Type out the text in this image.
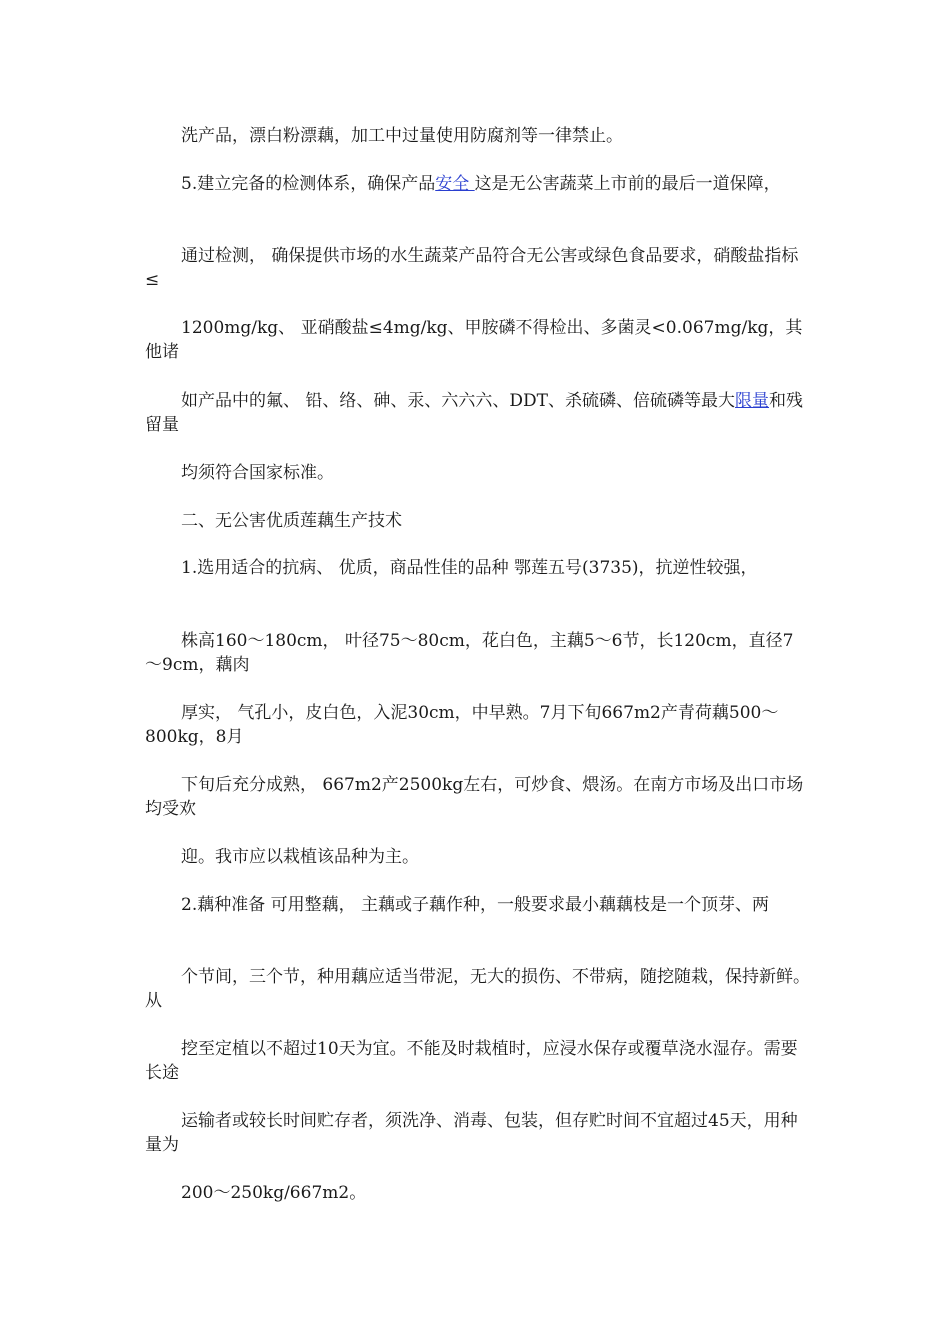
洗产品，漂白粉漂藕，加工中过量使用防腐剂等一律禁止。

5.建立完备的检测体系，确保产品安全 这是无公害蔬菜上市前的最后一道保障，

通过检测， 确保提供市场的水生蔬菜产品符合无公害或绿色食品要求，硝酸盐指标≤

1200mg/kg、 亚硝酸盐≤4mg/kg、甲胺磷不得检出、多菌灵<0.067mg/kg，其他诸

如产品中的氟、 铅、络、砷、汞、六六六、DDT、杀硫磷、倍硫磷等最大限量和残留量

均须符合国家标准。

二、无公害优质莲藕生产技术

1.选用适合的抗病、 优质，商品性佳的品种 鄂莲五号(3735)，抗逆性较强，

株高160～180cm， 叶径75～80cm，花白色，主藕5～6节，长120cm，直径7～9cm，藕肉

厚实， 气孔小，皮白色，入泥30cm，中早熟。7月下旬667m2产青荷藕500～800kg，8月

下旬后充分成熟， 667m2产2500kg左右，可炒食、煨汤。在南方市场及出口市场均受欢

迎。我市应以栽植该品种为主。

2.藕种准备 可用整藕， 主藕或子藕作种，一般要求最小藕藕枝是一个顶芽、两

个节间，三个节，种用藕应适当带泥，无大的损伤、不带病，随挖随栽，保持新鲜。从

挖至定植以不超过10天为宜。不能及时栽植时，应浸水保存或覆草浇水湿存。需要长途

运输者或较长时间贮存者，须洗净、消毒、包装，但存贮时间不宜超过45天，用种量为

200～250kg/667m2。
